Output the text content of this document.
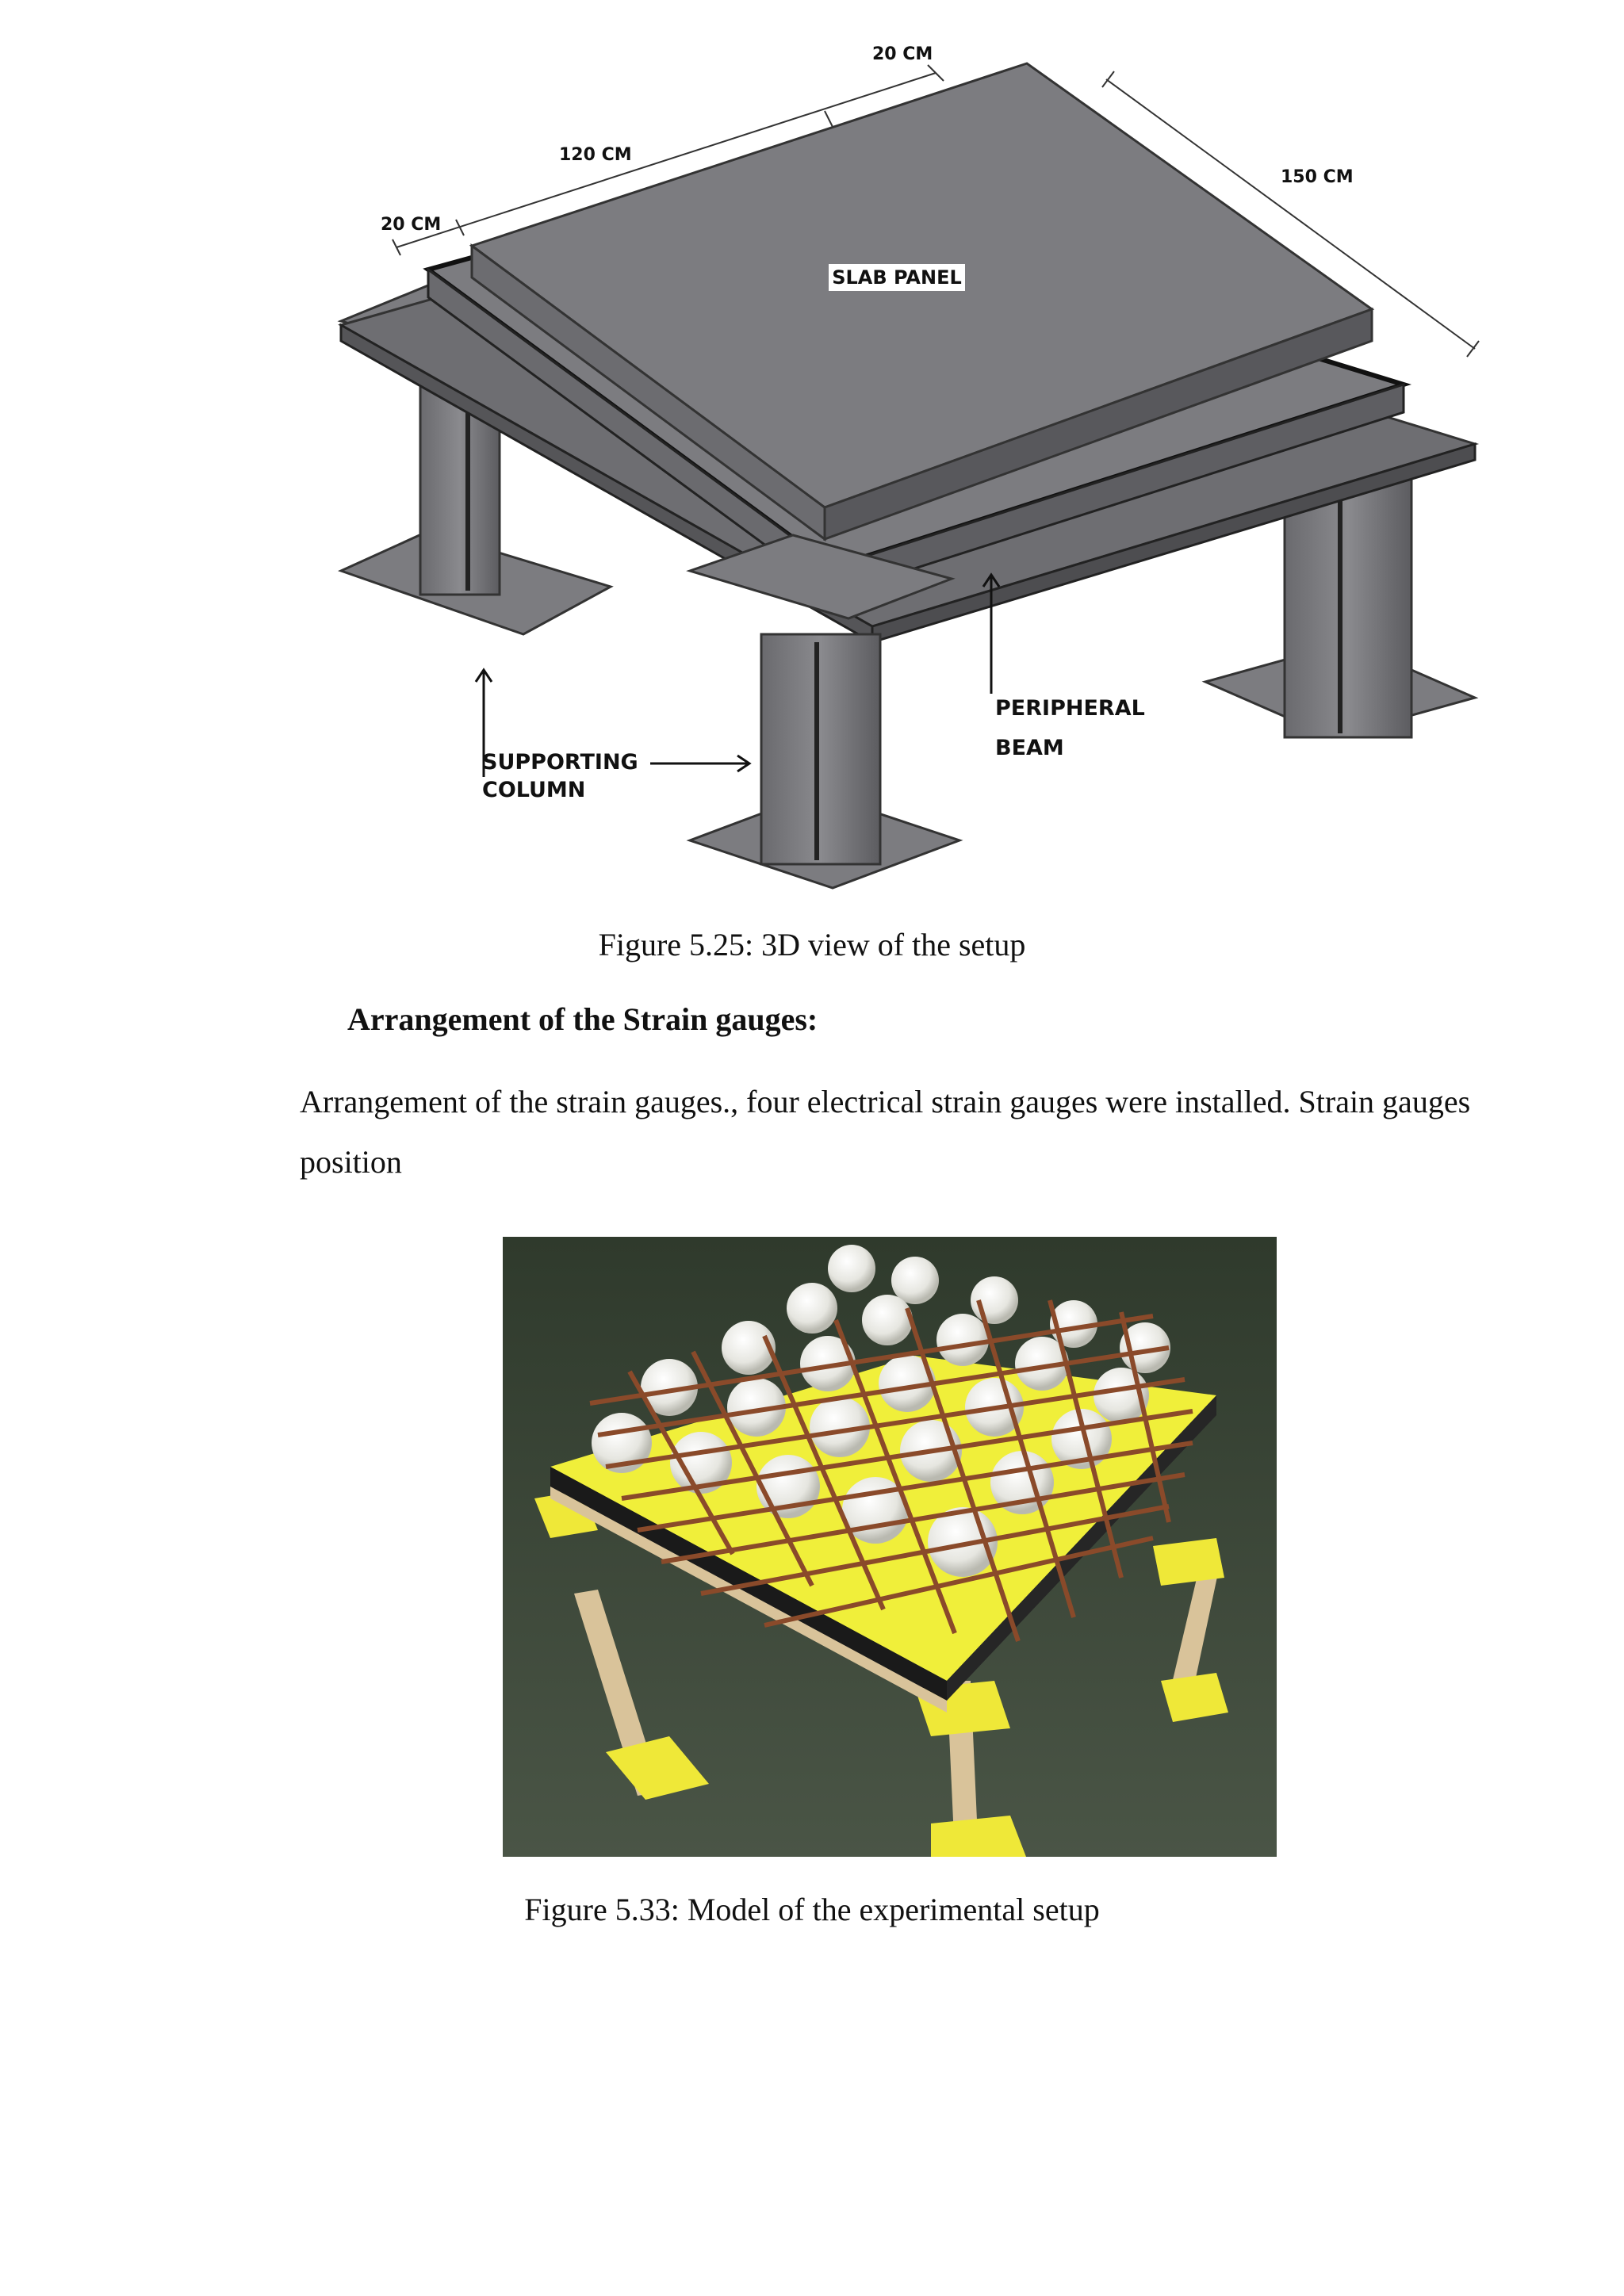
SLAB PANEL
20 CM
120 CM
20 CM
150 CM
SUPPORTING
COLUMN
PERIPHERAL
BEAM
Figure 5.25: 3D view of the setup
Arrangement of the Strain gauges:
Arrangement of the strain gauges., four electrical strain gauges were installed. Strain gauges position
Figure 5.33: Model of the experimental setup
